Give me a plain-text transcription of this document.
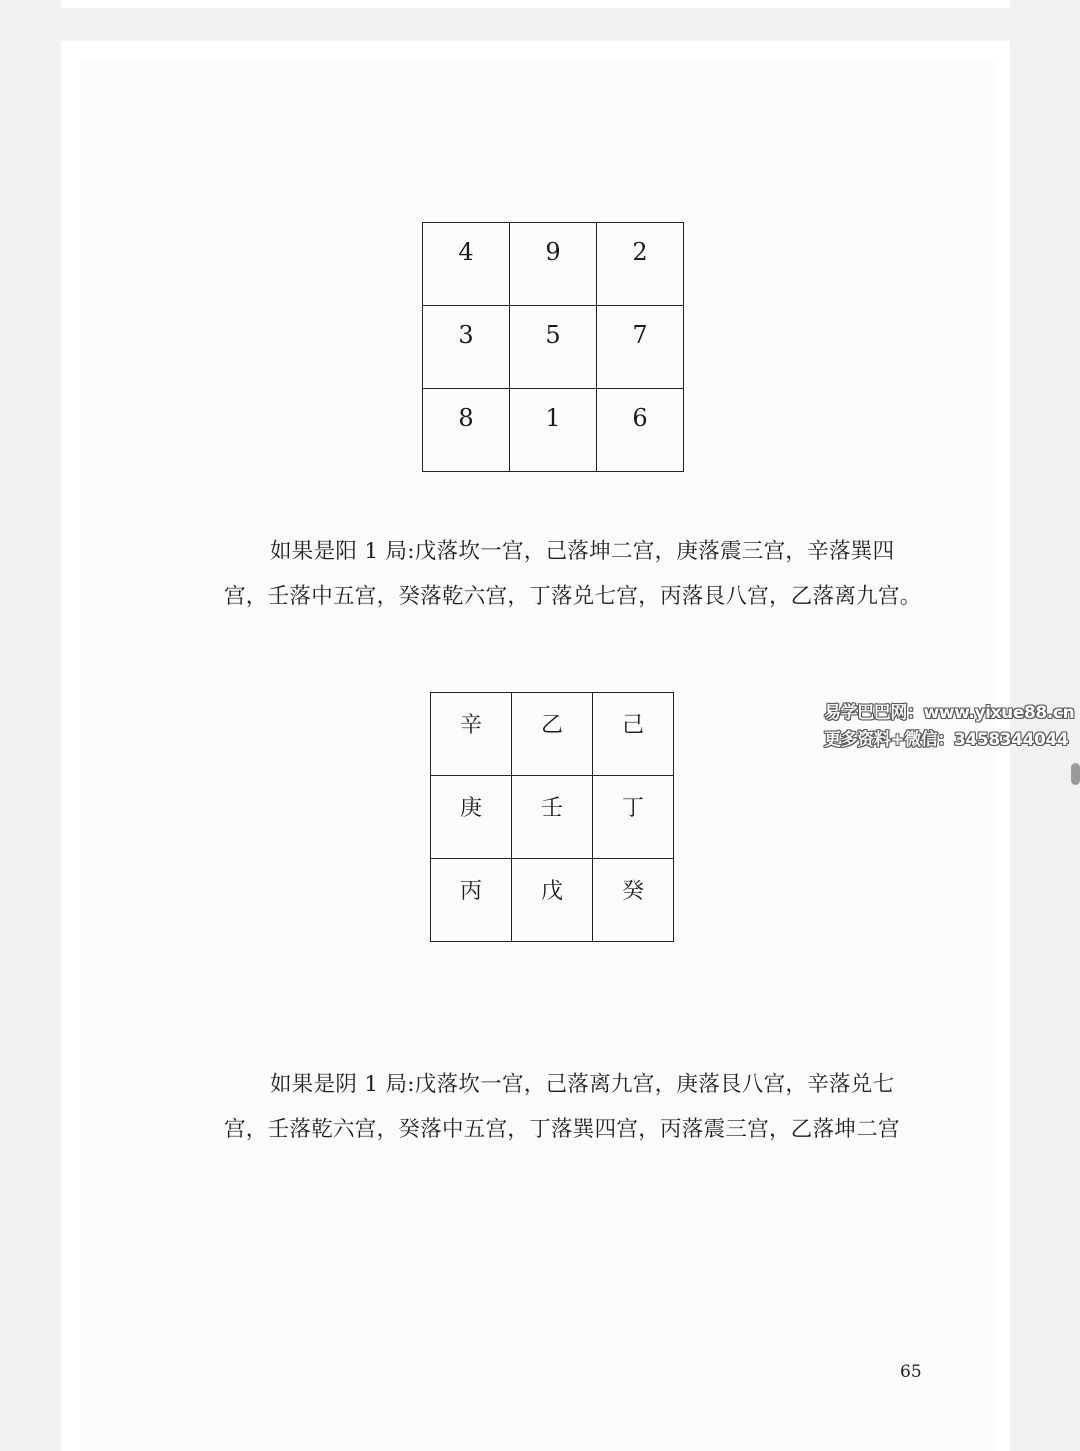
4	9	2
3	5	7
8	1	6

如果是阳 1 局:戊落坎一宫，己落坤二宫，庚落震三宫，辛落巽四宫，壬落中五宫，癸落乾六宫，丁落兑七宫，丙落艮八宫，乙落离九宫。

辛	乙	己
庚	壬	丁
丙	戊	癸

如果是阴 1 局:戊落坎一宫，己落离九宫，庚落艮八宫，辛落兑七宫，壬落乾六宫，癸落中五宫，丁落巽四宫，丙落震三宫，乙落坤二宫

65
易学巴巴网：www.yixue88.cn
更多资料+微信：3458344044
